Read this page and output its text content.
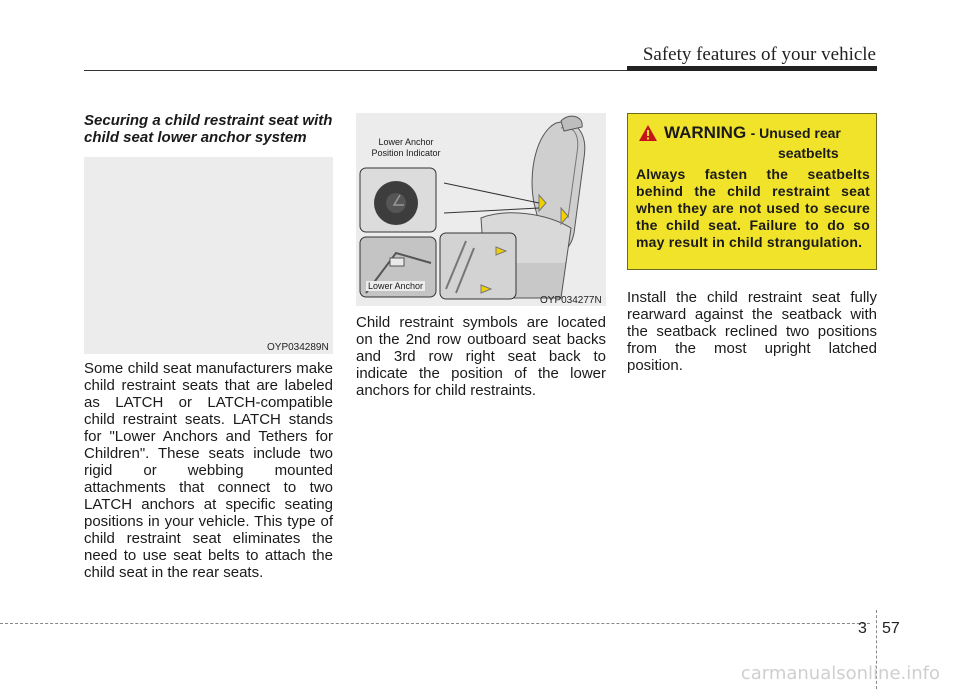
Safety features of your vehicle
Securing a child restraint seat with child seat lower anchor system
OYP034289N
Some child seat manufacturers make child restraint seats that are labeled as LATCH or LATCH-compatible child restraint seats. LATCH stands for "Lower Anchors and Tethers for Children". These seats include two rigid or webbing mounted attachments that connect to two LATCH anchors at specific seating positions in your vehicle. This type of child restraint seat eliminates the need to use seat belts to attach the child seat in the rear seats.
Lower Anchor
Position Indicator
Lower Anchor
OYP034277N
Child restraint symbols are located on the 2nd row outboard seat backs and 3rd row right seat back to indicate the position of the lower anchors for child restraints.
WARNING - Unused rear
seatbelts
Always fasten the seatbelts behind the child restraint seat when they are not used to secure the child seat. Failure to do so may result in child strangulation.
Install the child restraint seat fully rearward against the seatback with the seatback reclined two positions from the most upright latched position.
3 57
carmanualsonline.info
